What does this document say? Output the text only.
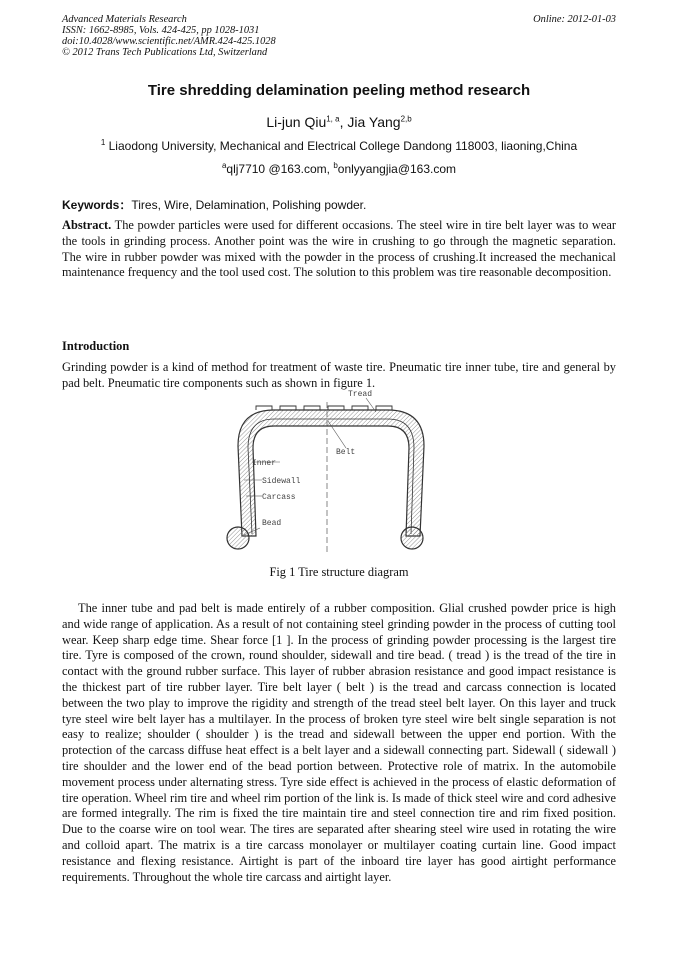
Advanced Materials Research
ISSN: 1662-8985, Vols. 424-425, pp 1028-1031
doi:10.4028/www.scientific.net/AMR.424-425.1028
© 2012 Trans Tech Publications Ltd, Switzerland
Online: 2012-01-03
Tire shredding delamination peeling method research
Li-jun Qiu$^{1, a}$, Jia Yang$^{2,b}$
$^1$ Liaodong University, Mechanical and Electrical College Dandong 118003, liaoning,China
$^a$qlj7710 @163.com, $^b$onlyyangjia@163.com
Keywords：Tires, Wire, Delamination, Polishing powder.
Abstract. The powder particles were used for different occasions. The steel wire in tire belt layer was to wear the tools in grinding process. Another point was the wire in crushing to go through the magnetic separation. The wire in rubber powder was mixed with the powder in the process of crushing.It increased the mechanical maintenance frequency and the tool used cost. The solution to this problem was tire reasonable decomposition.
Introduction
Grinding powder is a kind of method for treatment of waste tire. Pneumatic tire inner tube, tire and general by pad belt. Pneumatic tire components such as shown in figure 1.
Tread
Belt
Inner
Sidewall
Carcass
Bead
Fig 1 Tire structure diagram
The inner tube and pad belt is made entirely of a rubber composition. Glial crushed powder price is high and wide range of application. As a result of not containing steel grinding powder in the process of cutting tool wear. Keep sharp edge time. Shear force [1 ]. In the process of grinding powder processing is the largest tire tire. Tyre is composed of the crown, round shoulder, sidewall and tire bead. ( tread ) is the tread of the tire in contact with the ground rubber surface. This layer of rubber abrasion resistance and good impact resistance is the thickest part of tire rubber layer. Tire belt layer ( belt ) is the tread and carcass connection is located between the two play to improve the rigidity and strength of the tread steel belt layer. On this layer and truck tyre steel wire belt layer has a multilayer. In the process of broken tyre steel wire belt single separation is not easy to realize; shoulder ( shoulder ) is the tread and sidewall between the upper end portion. With the protection of the carcass diffuse heat effect is a belt layer and a sidewall connecting part. Sidewall ( sidewall ) tire shoulder and the lower end of the bead portion between. Protective role of matrix. In the automobile movement process under alternating stress. Tyre side effect is achieved in the process of elastic deformation of tire operation. Wheel rim tire and wheel rim portion of the link is. Is made of thick steel wire and cord adhesive are formed integrally. The rim is fixed the tire maintain tire and steel connection tire and rim fixed position. Due to the coarse wire on tool wear. The tires are separated after shearing steel wire used in rotating the wire and colloid apart. The matrix is a tire carcass monolayer or multilayer coating curtain line. Good impact resistance and flexing resistance. Airtight is part of the inboard tire layer has good airtight performance requirements. Throughout the whole tire carcass and airtight layer.
